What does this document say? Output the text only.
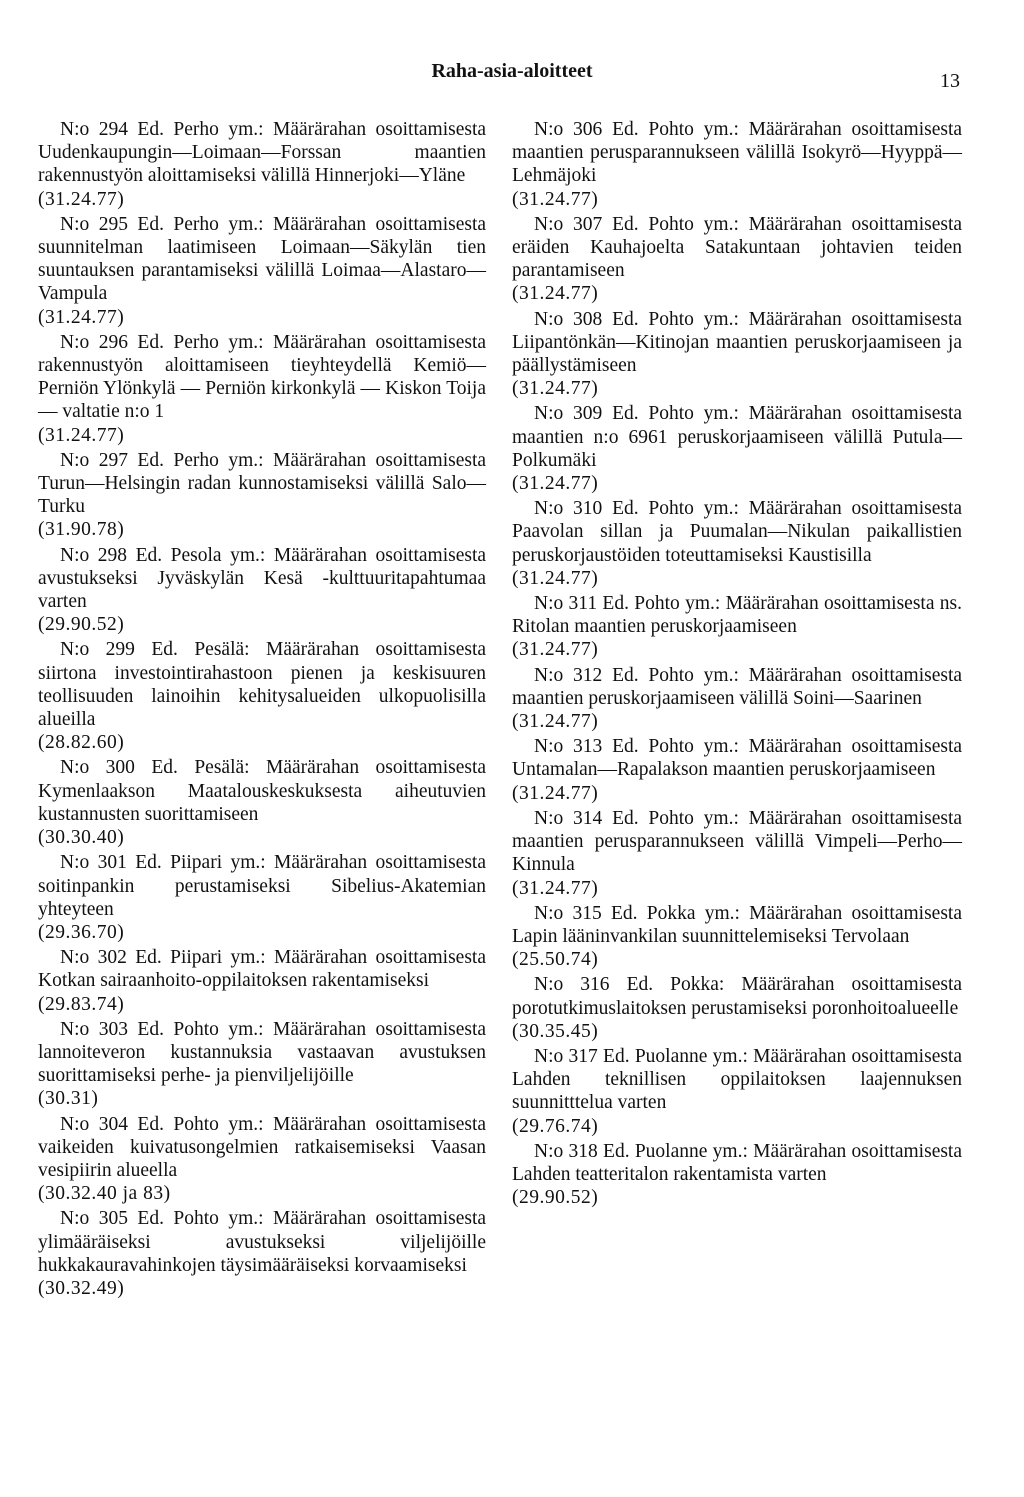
Raha-asia-aloitteet	13
N:o 294 Ed. Perho ym.: Määrärahan osoittamisesta Uudenkaupungin—Loimaan—Forssan maantien rakennustyön aloittamiseksi välillä Hinnerjoki—Yläne
(31.24.77)
N:o 295 Ed. Perho ym.: Määrärahan osoittamisesta suunnitelman laatimiseen Loimaan—Säkylän tien suuntauksen parantamiseksi välillä Loimaa—Alastaro—Vampula
(31.24.77)
N:o 296 Ed. Perho ym.: Määrärahan osoittamisesta rakennustyön aloittamiseen tieyhteydellä Kemiö—Perniön Ylönkylä — Perniön kirkonkylä — Kiskon Toija — valtatie n:o 1
(31.24.77)
N:o 297 Ed. Perho ym.: Määrärahan osoittamisesta Turun—Helsingin radan kunnostamiseksi välillä Salo—Turku
(31.90.78)
N:o 298 Ed. Pesola ym.: Määrärahan osoittamisesta avustukseksi Jyväskylän Kesä -kulttuuritapahtumaa varten
(29.90.52)
N:o 299 Ed. Pesälä: Määrärahan osoittamisesta siirtona investointirahastoon pienen ja keskisuuren teollisuuden lainoihin kehitysalueiden ulkopuolisilla alueilla
(28.82.60)
N:o 300 Ed. Pesälä: Määrärahan osoittamisesta Kymenlaakson Maatalouskeskuksesta aiheutuvien kustannusten suorittamiseen
(30.30.40)
N:o 301 Ed. Piipari ym.: Määrärahan osoittamisesta soitinpankin perustamiseksi Sibelius-Akatemian yhteyteen
(29.36.70)
N:o 302 Ed. Piipari ym.: Määrärahan osoittamisesta Kotkan sairaanhoito-oppilaitoksen rakentamiseksi
(29.83.74)
N:o 303 Ed. Pohto ym.: Määrärahan osoittamisesta lannoiteveron kustannuksia vastaavan avustuksen suorittamiseksi perhe- ja pienviljelijöille
(30.31)
N:o 304 Ed. Pohto ym.: Määrärahan osoittamisesta vaikeiden kuivatusongelmien ratkaisemiseksi Vaasan vesipiirin alueella
(30.32.40 ja 83)
N:o 305 Ed. Pohto ym.: Määrärahan osoittamisesta ylimääräiseksi avustukseksi viljelijöille hukkakauravahinkojen täysimääräiseksi korvaamiseksi
(30.32.49)
N:o 306 Ed. Pohto ym.: Määrärahan osoittamisesta maantien perusparannukseen välillä Isokyrö—Hyyppä—Lehmäjoki
(31.24.77)
N:o 307 Ed. Pohto ym.: Määrärahan osoittamisesta eräiden Kauhajoelta Satakuntaan johtavien teiden parantamiseen
(31.24.77)
N:o 308 Ed. Pohto ym.: Määrärahan osoittamisesta Liipantönkän—Kitinojan maantien peruskorjaamiseen ja päällystämiseen
(31.24.77)
N:o 309 Ed. Pohto ym.: Määrärahan osoittamisesta maantien n:o 6961 peruskorjaamiseen välillä Putula—Polkumäki
(31.24.77)
N:o 310 Ed. Pohto ym.: Määrärahan osoittamisesta Paavolan sillan ja Puumalan—Nikulan paikallistien peruskorjaustöiden toteuttamiseksi Kaustisilla
(31.24.77)
N:o 311 Ed. Pohto ym.: Määrärahan osoittamisesta ns. Ritolan maantien peruskorjaamiseen
(31.24.77)
N:o 312 Ed. Pohto ym.: Määrärahan osoittamisesta maantien peruskorjaamiseen välillä Soini—Saarinen
(31.24.77)
N:o 313 Ed. Pohto ym.: Määrärahan osoittamisesta Untamalan—Rapalakson maantien peruskorjaamiseen
(31.24.77)
N:o 314 Ed. Pohto ym.: Määrärahan osoittamisesta maantien perusparannukseen välillä Vimpeli—Perho—Kinnula
(31.24.77)
N:o 315 Ed. Pokka ym.: Määrärahan osoittamisesta Lapin lääninvankilan suunnittelemiseksi Tervolaan
(25.50.74)
N:o 316 Ed. Pokka: Määrärahan osoittamisesta porotutkimuslaitoksen perustamiseksi poronhoitoalueelle
(30.35.45)
N:o 317 Ed. Puolanne ym.: Määrärahan osoittamisesta Lahden teknillisen oppilaitoksen laajennuksen suunnitttelua varten
(29.76.74)
N:o 318 Ed. Puolanne ym.: Määrärahan osoittamisesta Lahden teatteritalon rakentamista varten
(29.90.52)
